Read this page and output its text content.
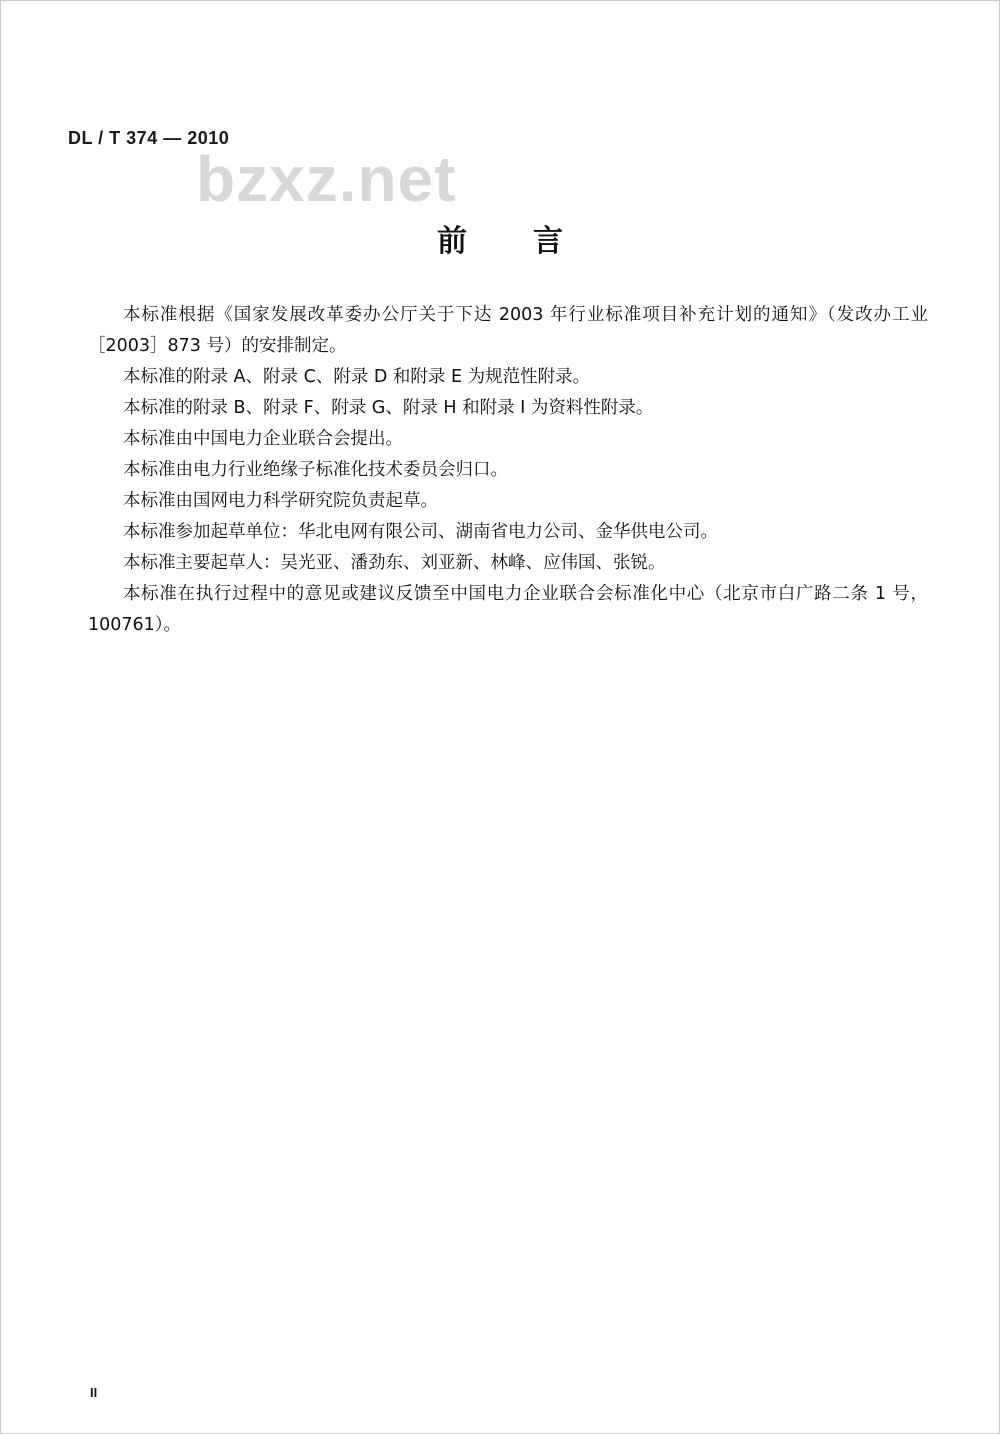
DL / T 374 — 2010
bzxz.net
前　言

本标准根据《国家发展改革委办公厅关于下达 2003 年行业标准项目补充计划的通知》（发改办工业［2003］873 号）的安排制定。

本标准的附录 A、附录 C、附录 D 和附录 E 为规范性附录。

本标准的附录 B、附录 F、附录 G、附录 H 和附录 I 为资料性附录。

本标准由中国电力企业联合会提出。

本标准由电力行业绝缘子标准化技术委员会归口。

本标准由国网电力科学研究院负责起草。

本标准参加起草单位：华北电网有限公司、湖南省电力公司、金华供电公司。

本标准主要起草人：吴光亚、潘劲东、刘亚新、林峰、应伟国、张锐。

本标准在执行过程中的意见或建议反馈至中国电力企业联合会标准化中心（北京市白广路二条 1 号，100761）。

II
